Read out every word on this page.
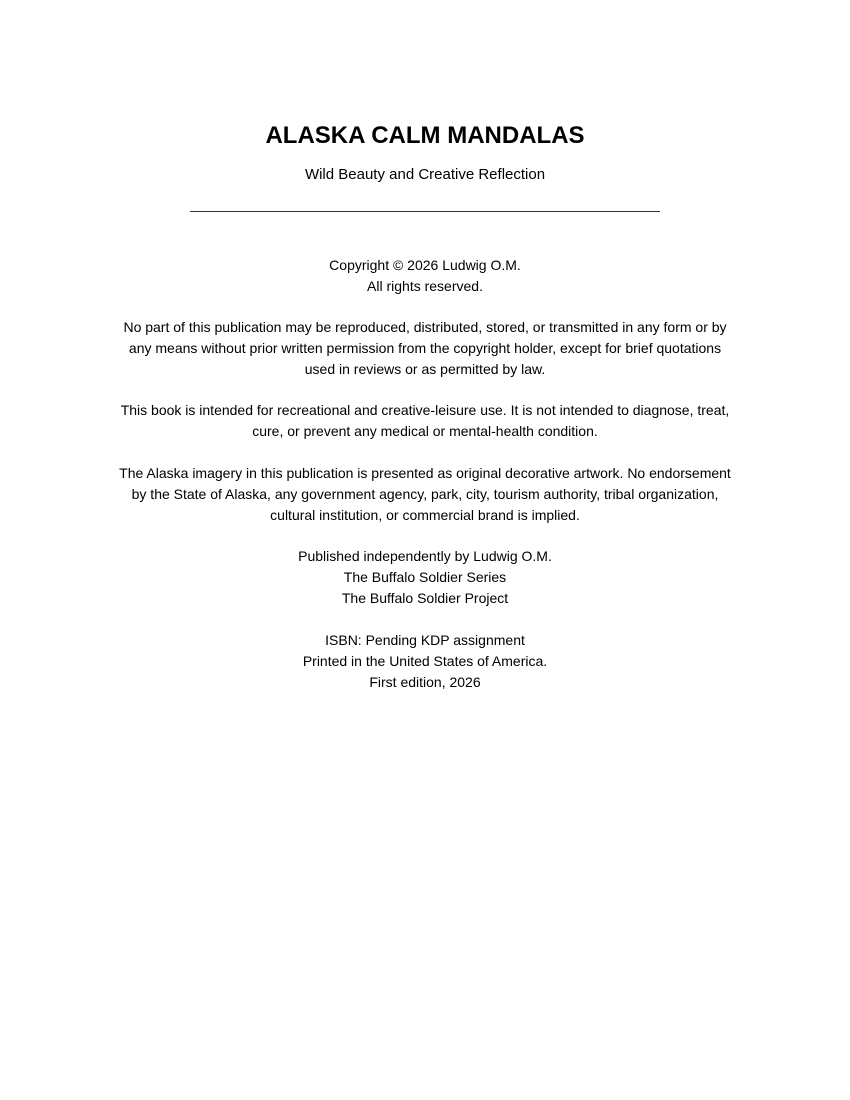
ALASKA CALM MANDALAS
Wild Beauty and Creative Reflection
Copyright © 2026 Ludwig O.M.
All rights reserved.
No part of this publication may be reproduced, distributed, stored, or transmitted in any form or by
any means without prior written permission from the copyright holder, except for brief quotations
used in reviews or as permitted by law.
This book is intended for recreational and creative-leisure use. It is not intended to diagnose, treat,
cure, or prevent any medical or mental-health condition.
The Alaska imagery in this publication is presented as original decorative artwork. No endorsement
by the State of Alaska, any government agency, park, city, tourism authority, tribal organization,
cultural institution, or commercial brand is implied.
Published independently by Ludwig O.M.
The Buffalo Soldier Series
The Buffalo Soldier Project
ISBN: Pending KDP assignment
Printed in the United States of America.
First edition, 2026
